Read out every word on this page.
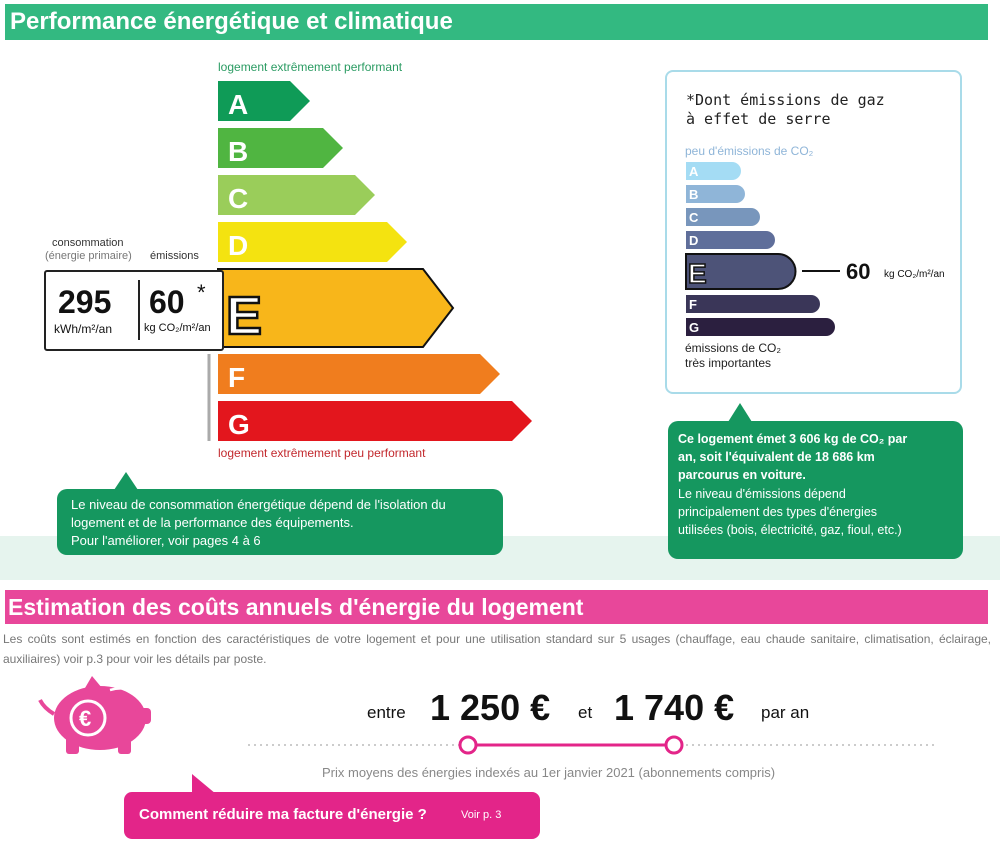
Performance énergétique et climatique
logement extrêmement performant
A
B
C
D
E
F
G
logement extrêmement peu performant
consommation
(énergie primaire) émissions
295
kWh/m²/an
60 *
kg CO₂/m²/an
Le niveau de consommation énergétique dépend de l'isolation du
logement et de la performance des équipements.
Pour l'améliorer, voir pages 4 à 6
*Dont émissions de gaz
à effet de serre
peu d'émissions de CO₂
A
B
C
D
E
F
G
60 kg CO₂/m²/an
émissions de CO₂
très importantes
Ce logement émet 3 606 kg de CO₂ par
an, soit l'équivalent de 18 686 km
parcourus en voiture.
Le niveau d'émissions dépend
principalement des types d'énergies
utilisées (bois, électricité, gaz, fioul, etc.)
Estimation des coûts annuels d'énergie du logement
Les coûts sont estimés en fonction des caractéristiques de votre logement et pour une utilisation standard sur 5 usages (chauffage, eau chaude sanitaire, climatisation, éclairage, auxiliaires) voir p.3 pour voir les détails par poste.
€	entre 1 250 € et 1 740 € par an
Prix moyens des énergies indexés au 1er janvier 2021 (abonnements compris)
Comment réduire ma facture d'énergie ?	Voir p. 3
